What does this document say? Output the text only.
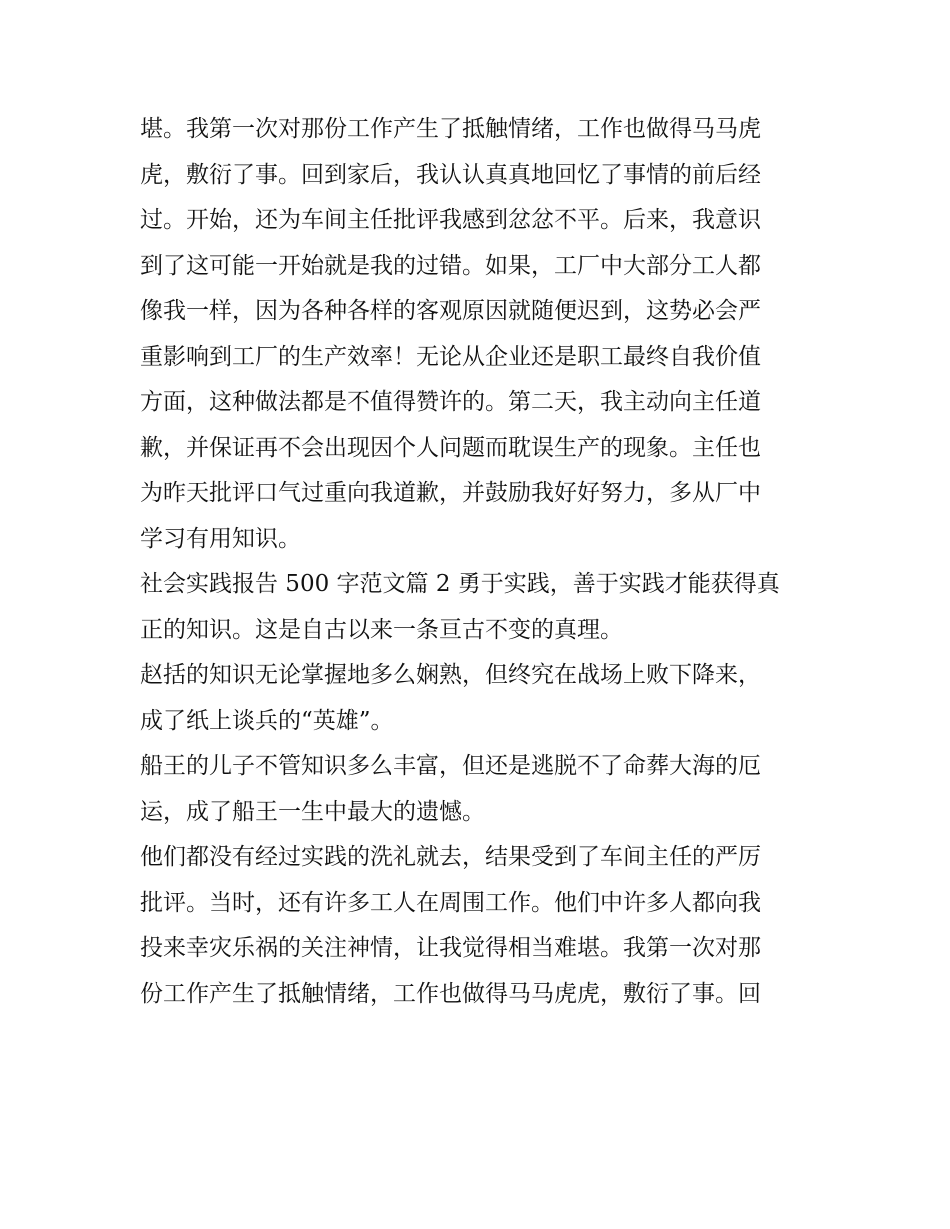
堪。我第一次对那份工作产生了抵触情绪，工作也做得马马虎
虎，敷衍了事。回到家后，我认认真真地回忆了事情的前后经
过。开始，还为车间主任批评我感到忿忿不平。后来，我意识
到了这可能一开始就是我的过错。如果，工厂中大部分工人都
像我一样，因为各种各样的客观原因就随便迟到，这势必会严
重影响到工厂的生产效率！无论从企业还是职工最终自我价值
方面，这种做法都是不值得赞许的。第二天，我主动向主任道
歉，并保证再不会出现因个人问题而耽误生产的现象。主任也
为昨天批评口气过重向我道歉，并鼓励我好好努力，多从厂中
学习有用知识。
社会实践报告 500 字范文篇 2 勇于实践，善于实践才能获得真
正的知识。这是自古以来一条亘古不变的真理。
赵括的知识无论掌握地多么娴熟，但终究在战场上败下降来，
成了纸上谈兵的“英雄”。
船王的儿子不管知识多么丰富，但还是逃脱不了命葬大海的厄
运，成了船王一生中最大的遗憾。
他们都没有经过实践的洗礼就去，结果受到了车间主任的严厉
批评。当时，还有许多工人在周围工作。他们中许多人都向我
投来幸灾乐祸的关注神情，让我觉得相当难堪。我第一次对那
份工作产生了抵触情绪，工作也做得马马虎虎，敷衍了事。回
